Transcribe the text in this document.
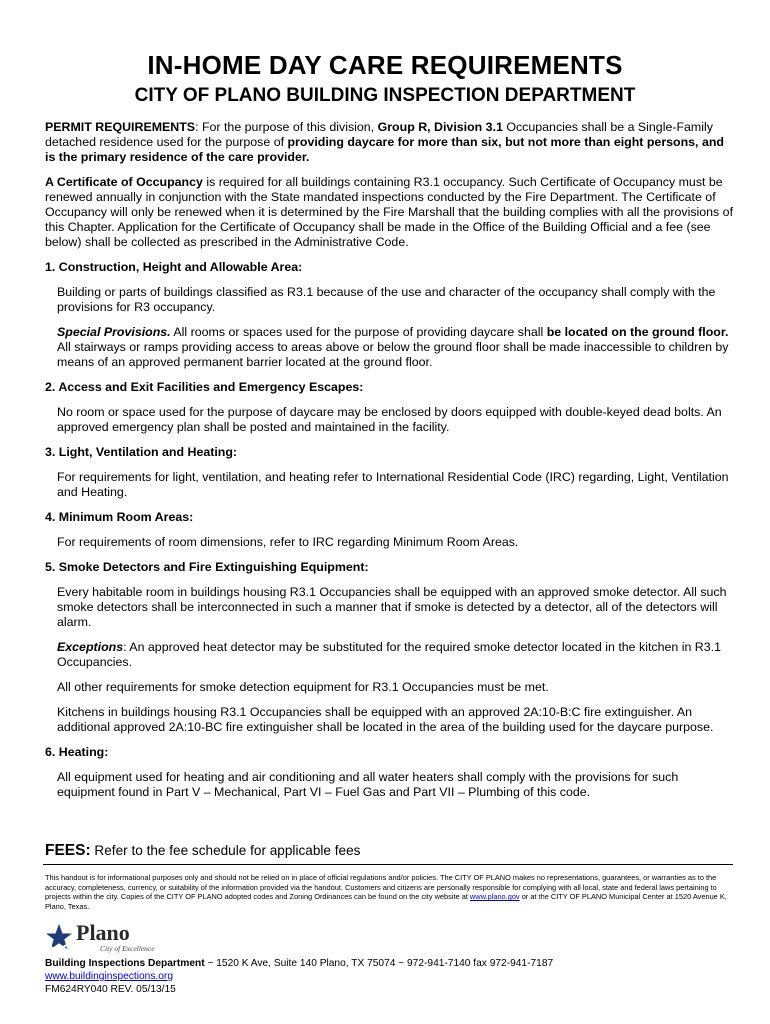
IN-HOME DAY CARE REQUIREMENTS
CITY OF PLANO BUILDING INSPECTION DEPARTMENT

PERMIT REQUIREMENTS: For the purpose of this division, Group R, Division 3.1 Occupancies shall be a Single-Family detached residence used for the purpose of providing daycare for more than six, but not more than eight persons, and is the primary residence of the care provider.

A Certificate of Occupancy is required for all buildings containing R3.1 occupancy. Such Certificate of Occupancy must be renewed annually in conjunction with the State mandated inspections conducted by the Fire Department. The Certificate of Occupancy will only be renewed when it is determined by the Fire Marshall that the building complies with all the provisions of this Chapter. Application for the Certificate of Occupancy shall be made in the Office of the Building Official and a fee (see below) shall be collected as prescribed in the Administrative Code.

1. Construction, Height and Allowable Area:

Building or parts of buildings classified as R3.1 because of the use and character of the occupancy shall comply with the provisions for R3 occupancy.

Special Provisions. All rooms or spaces used for the purpose of providing daycare shall be located on the ground floor. All stairways or ramps providing access to areas above or below the ground floor shall be made inaccessible to children by means of an approved permanent barrier located at the ground floor.

2. Access and Exit Facilities and Emergency Escapes:

No room or space used for the purpose of daycare may be enclosed by doors equipped with double-keyed dead bolts. An approved emergency plan shall be posted and maintained in the facility.

3. Light, Ventilation and Heating:

For requirements for light, ventilation, and heating refer to International Residential Code (IRC) regarding, Light, Ventilation and Heating.

4. Minimum Room Areas:

For requirements of room dimensions, refer to IRC regarding Minimum Room Areas.

5. Smoke Detectors and Fire Extinguishing Equipment:

Every habitable room in buildings housing R3.1 Occupancies shall be equipped with an approved smoke detector. All such smoke detectors shall be interconnected in such a manner that if smoke is detected by a detector, all of the detectors will alarm.

Exceptions: An approved heat detector may be substituted for the required smoke detector located in the kitchen in R3.1 Occupancies.

All other requirements for smoke detection equipment for R3.1 Occupancies must be met.

Kitchens in buildings housing R3.1 Occupancies shall be equipped with an approved 2A:10-B:C fire extinguisher. An additional approved 2A:10-BC fire extinguisher shall be located in the area of the building used for the daycare purpose.

6. Heating:

All equipment used for heating and air conditioning and all water heaters shall comply with the provisions for such equipment found in Part V – Mechanical, Part VI – Fuel Gas and Part VII – Plumbing of this code.

FEES: Refer to the fee schedule for applicable fees
This handout is for informational purposes only and should not be relied on in place of official regulations and/or policies. The CITY OF PLANO makes no representations, guarantees, or warranties as to the accuracy, completeness, currency, or suitability of the information provided via the handout. Customers and citizens are personally responsible for complying with all local, state and federal laws pertaining to projects within the city. Copies of the CITY OF PLANO adopted codes and Zoning Ordinances can be found on the city website at www.plano.gov or at the CITY OF PLANO Municipal Center at 1520 Avenue K, Plano, Texas.
Plano
City of Excellence
Building Inspections Department ~ 1520 K Ave, Suite 140 Plano, TX 75074 ~ 972-941-7140 fax 972-941-7187
www.buildinginspections.org
FM624RY040 REV. 05/13/15
